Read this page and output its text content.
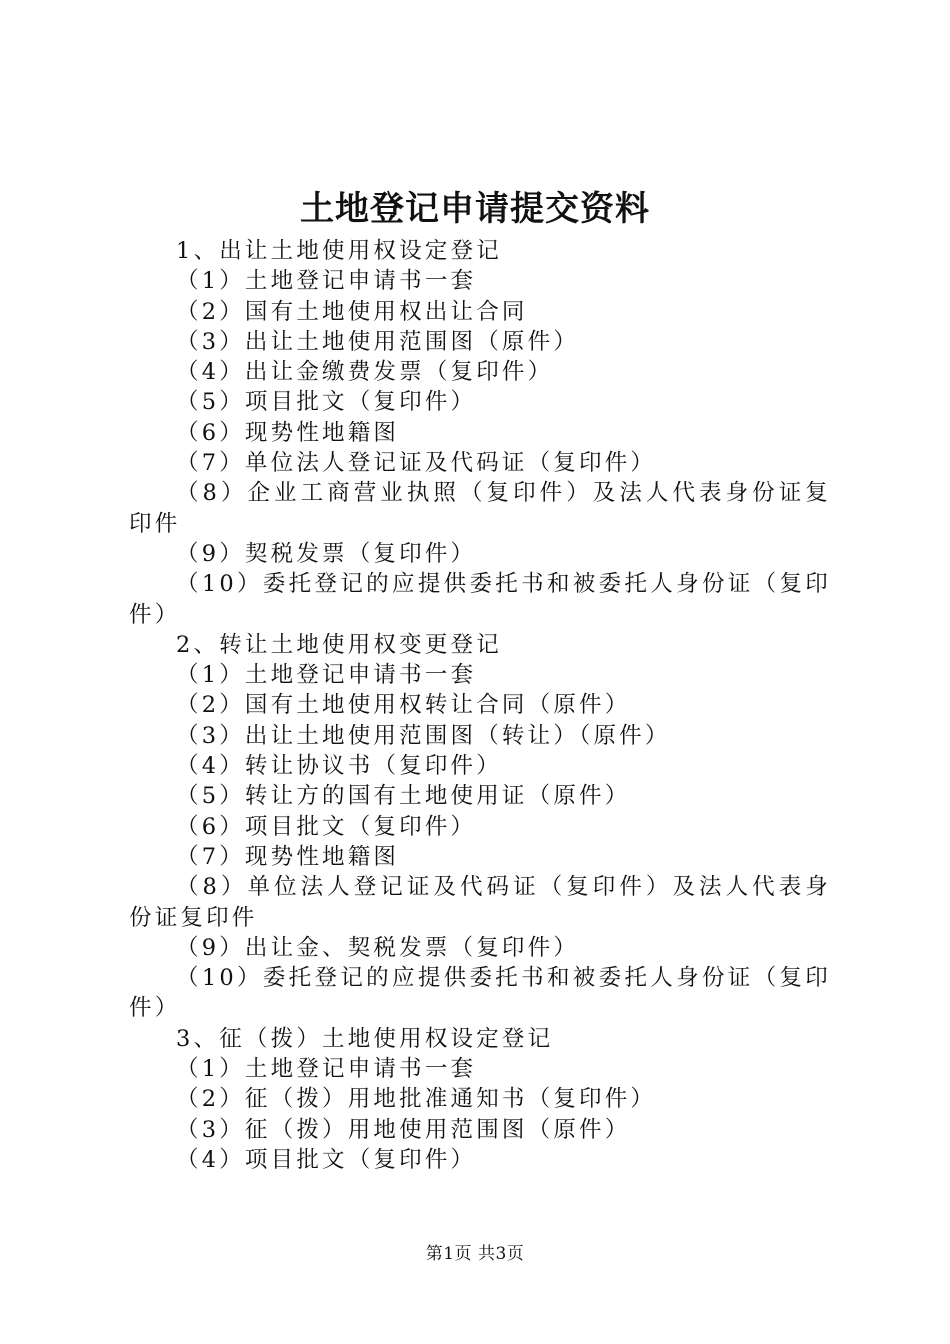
土地登记申请提交资料

1、出让土地使用权设定登记

（1）土地登记申请书一套

（2）国有土地使用权出让合同

（3）出让土地使用范围图（原件）

（4）出让金缴费发票（复印件）

（5）项目批文（复印件）

（6）现势性地籍图

（7）单位法人登记证及代码证（复印件）

（8）企业工商营业执照（复印件）及法人代表身份证复印件

（9）契税发票（复印件）

（10）委托登记的应提供委托书和被委托人身份证（复印件）

2、转让土地使用权变更登记

（1）土地登记申请书一套

（2）国有土地使用权转让合同（原件）

（3）出让土地使用范围图（转让）（原件）

（4）转让协议书（复印件）

（5）转让方的国有土地使用证（原件）

（6）项目批文（复印件）

（7）现势性地籍图

（8）单位法人登记证及代码证（复印件）及法人代表身份证复印件

（9）出让金、契税发票（复印件）

（10）委托登记的应提供委托书和被委托人身份证（复印件）

3、征（拨）土地使用权设定登记

（1）土地登记申请书一套

（2）征（拨）用地批准通知书（复印件）

（3）征（拨）用地使用范围图（原件）

（4）项目批文（复印件）

第1页 共3页
